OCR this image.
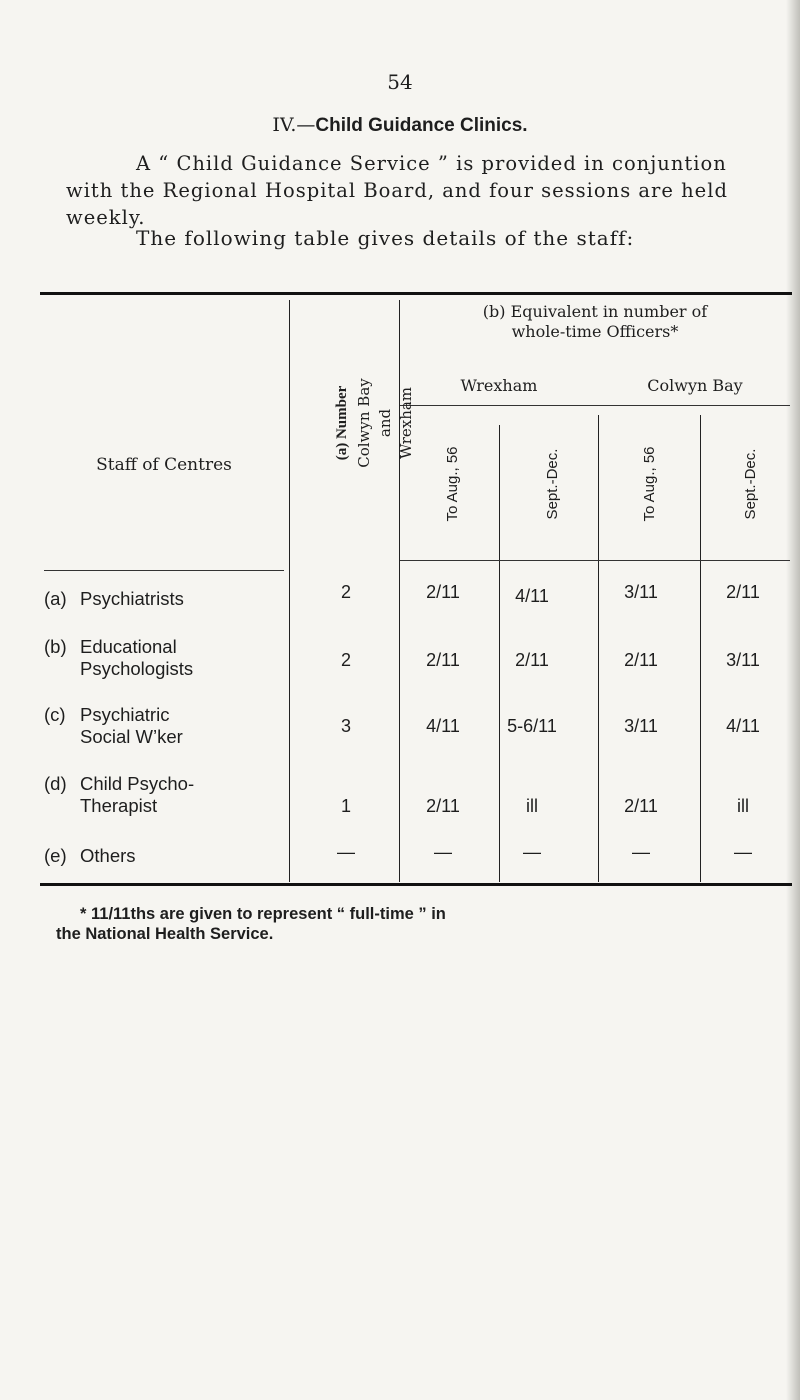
54
IV.—Child Guidance Clinics.
A “ Child Guidance Service ” is provided in conjuntion
with the Regional Hospital Board, and four sessions are held
weekly.
The following table gives details of the staff:
Staff of Centres
(a) Number Colwyn Bay and Wrexham
(b) Equivalent in number of
whole-time Officers*
Wrexham	Colwyn Bay
To Aug., 56	Sept.-Dec.	To Aug., 56	Sept.-Dec.
(a) Psychiatrists	2	2/11	4/11	3/11	2/11
(b) Educational
Psychologists	2	2/11	2/11	2/11	3/11
(c) Psychiatric
Social W’ker	3	4/11	5-6/11	3/11	4/11
(d) Child Psycho-
Therapist	1	2/11	ill	2/11	ill
(e) Others	—	—	—	—	—
* 11/11ths are given to represent “ full-time ” in
the National Health Service.
